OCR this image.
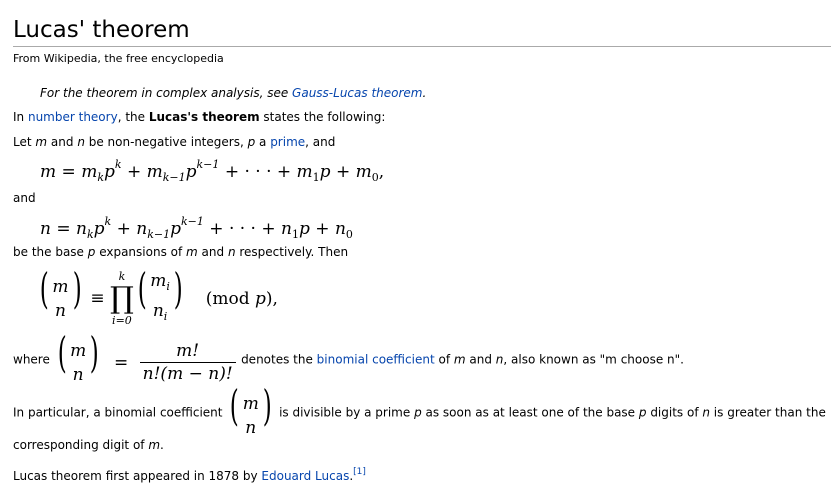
Lucas' theorem
From Wikipedia, the free encyclopedia
For the theorem in complex analysis, see Gauss-Lucas theorem.
In number theory, the Lucas's theorem states the following:
Let m and n be non-negative integers, p a prime, and
$m = m_kp^k + m_{k-1}p^{k-1}$ + · · · + $m_1p + m_0$,
and
$n = n_kp^k + n_{k-1}p^{k-1}$ + · · · + $n_1p + n_0$
be the base p expansions of m and n respectively. Then
( m
n ) ≡
k
∏
i=0
( $m_i$
$n_i$
) (mod p),
where ( m
n ) = $\frac{m!}{n!(m - n)!}$ denotes the binomial coefficient of m and n, also known as "m choose n".
In particular, a binomial coefficient ( m
n ) is divisible by a prime p as soon as at least one of the base p digits of n is greater than the
corresponding digit of m.
Lucas theorem first appeared in 1878 by Edouard Lucas.[1]
